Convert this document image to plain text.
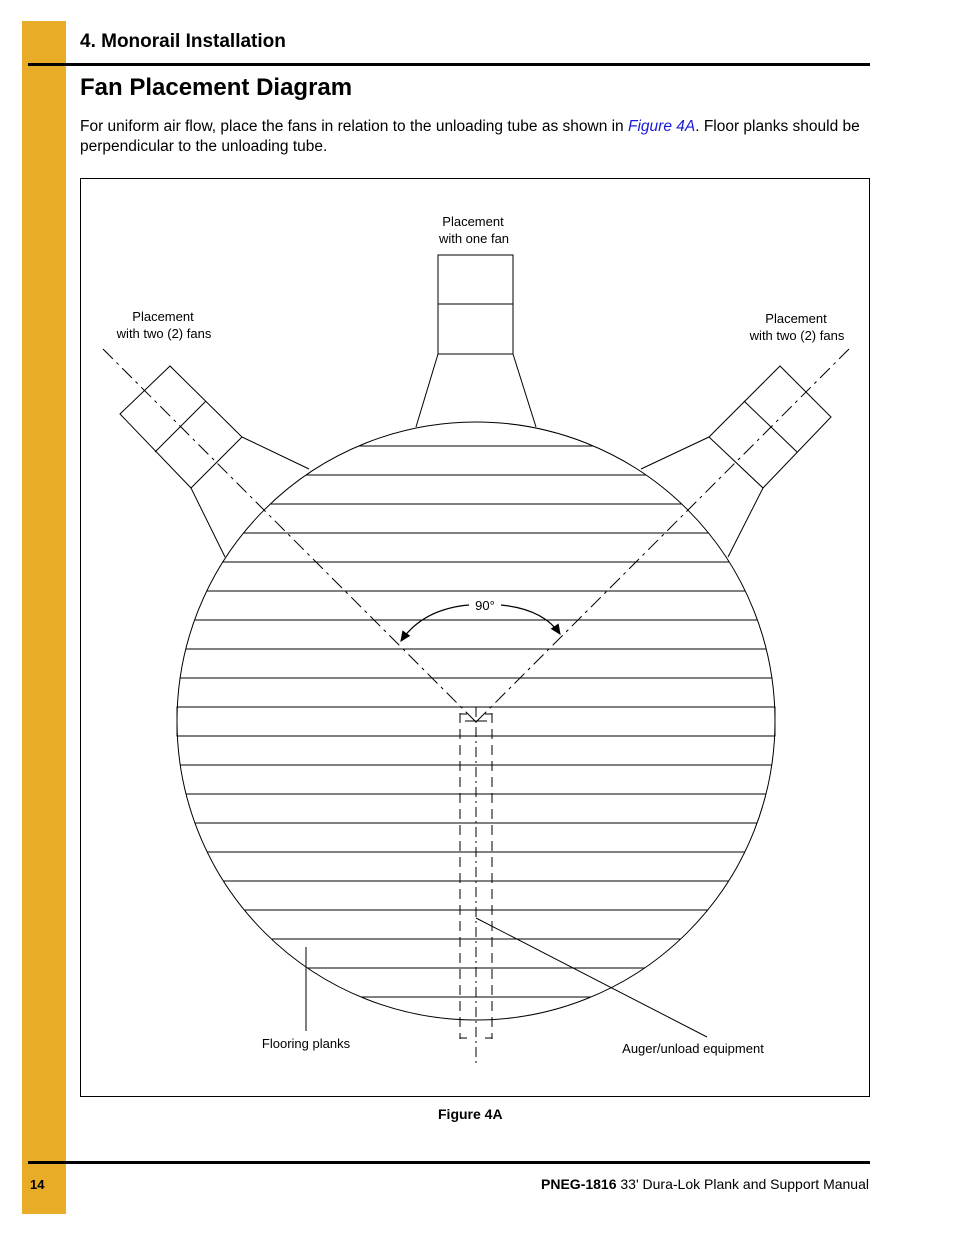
4. Monorail Installation
Fan Placement Diagram
For uniform air flow, place the fans in relation to the unloading tube as shown in Figure 4A. Floor planks should be perpendicular to the unloading tube.
Placement
with one fan
Placement
with two (2) fans
Placement
with two (2) fans
90°
Flooring planks	Auger/unload equipment
Figure 4A
14	PNEG-1816 33' Dura-Lok Plank and Support Manual
